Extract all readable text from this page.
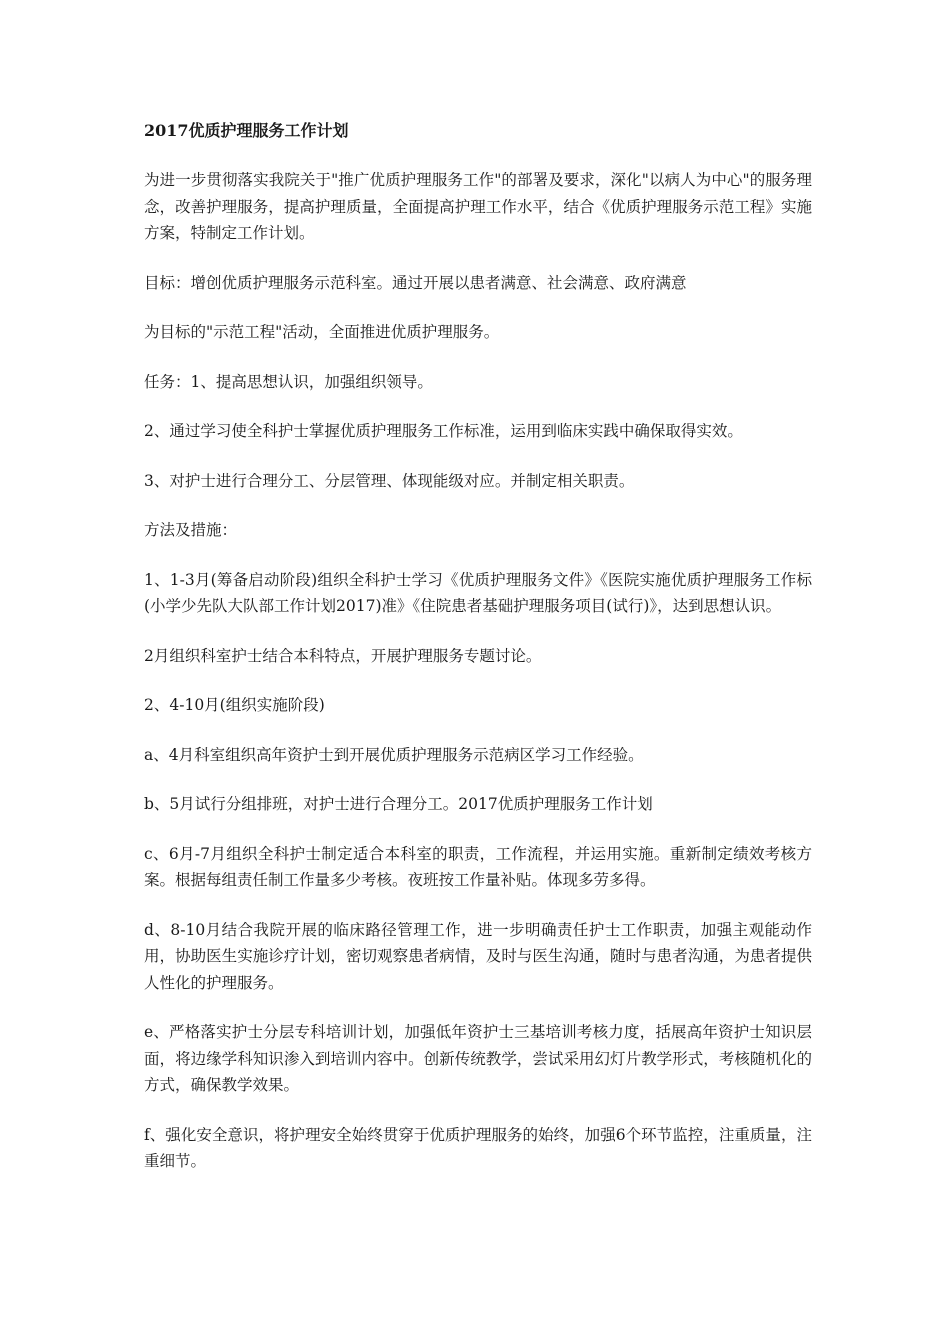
2017优质护理服务工作计划

为进一步贯彻落实我院关于"推广优质护理服务工作"的部署及要求，深化"以病人为中心"的服务理念，改善护理服务，提高护理质量，全面提高护理工作水平，结合《优质护理服务示范工程》实施方案，特制定工作计划。

目标：增创优质护理服务示范科室。通过开展以患者满意、社会满意、政府满意

为目标的"示范工程"活动，全面推进优质护理服务。

任务：1、提高思想认识，加强组织领导。

2、通过学习使全科护士掌握优质护理服务工作标准，运用到临床实践中确保取得实效。

3、对护士进行合理分工、分层管理、体现能级对应。并制定相关职责。

方法及措施：

1、1-3月(筹备启动阶段)组织全科护士学习《优质护理服务文件》《医院实施优质护理服务工作标(小学少先队大队部工作计划2017)准》《住院患者基础护理服务项目(试行)》，达到思想认识。

2月组织科室护士结合本科特点，开展护理服务专题讨论。

2、4-10月(组织实施阶段)

a、4月科室组织高年资护士到开展优质护理服务示范病区学习工作经验。

b、5月试行分组排班，对护士进行合理分工。2017优质护理服务工作计划

c、6月-7月组织全科护士制定适合本科室的职责，工作流程，并运用实施。重新制定绩效考核方案。根据每组责任制工作量多少考核。夜班按工作量补贴。体现多劳多得。

d、8-10月结合我院开展的临床路径管理工作，进一步明确责任护士工作职责，加强主观能动作用，协助医生实施诊疗计划，密切观察患者病情，及时与医生沟通，随时与患者沟通，为患者提供人性化的护理服务。

e、严格落实护士分层专科培训计划，加强低年资护士三基培训考核力度，括展高年资护士知识层面，将边缘学科知识渗入到培训内容中。创新传统教学，尝试采用幻灯片教学形式，考核随机化的方式，确保教学效果。

f、强化安全意识，将护理安全始终贯穿于优质护理服务的始终，加强6个环节监控，注重质量，注重细节。
